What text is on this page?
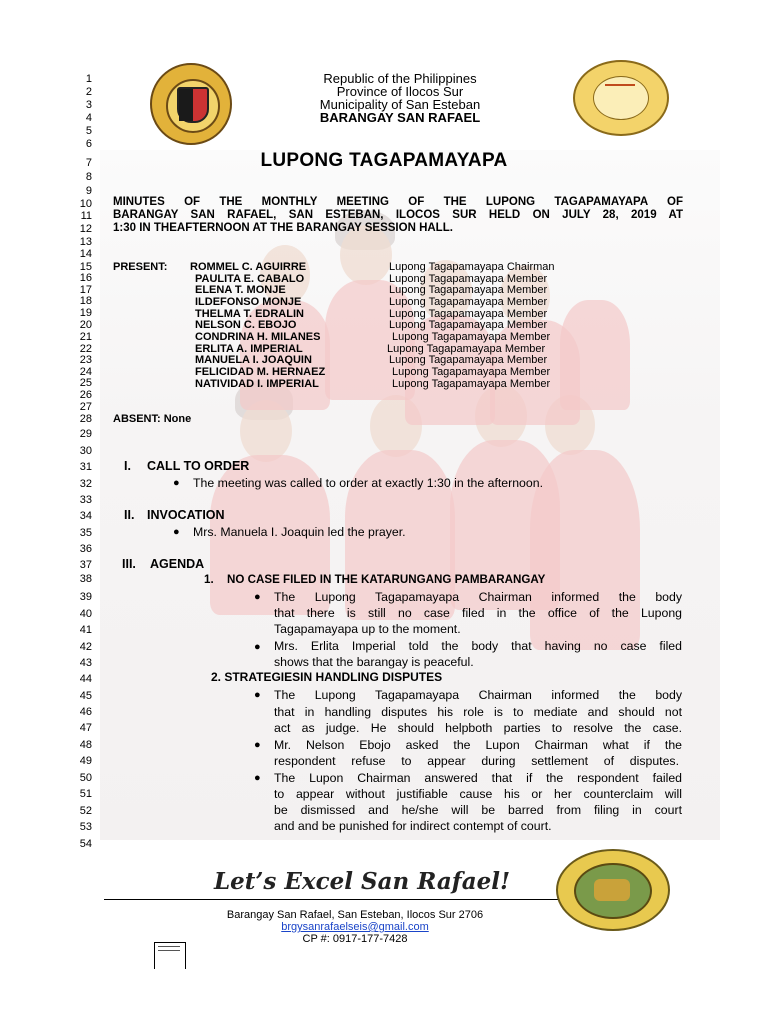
Republic of the Philippines
Province of Ilocos Sur
Municipality of San Esteban
BARANGAY SAN RAFAEL
LUPONG TAGAPAMAYAPA
1
2
3
4
5
6
7
8
9
10
11
12
13
14
15
16
17
18
19
20
21
22
23
24
25
26
27
28
29
30
31
32
33
34
35
36
37
38
39
40
41
42
43
44
45
46
47
48
49
50
51
52
53
54
MINUTES OF THE MONTHLY MEETING OF THE LUPONG TAGAPAMAYAPA OF
BARANGAY SAN RAFAEL, SAN ESTEBAN, ILOCOS SUR HELD ON JULY 28, 2019 AT
1:30 IN THEAFTERNOON AT THE BARANGAY SESSION HALL.
PRESENT: ROMMEL C. AGUIRRE	Lupong Tagapamayapa Chairman
PAULITA E. CABALO	Lupong Tagapamayapa Member
ELENA T. MONJE	Lupong Tagapamayapa Member
ILDEFONSO MONJE	Lupong Tagapamayapa Member
THELMA T. EDRALIN	Lupong Tagapamayapa Member
NELSON C. EBOJO	Lupong Tagapamayapa Member
CONDRINA H. MILANES	Lupong Tagapamayapa Member
ERLITA A. IMPERIAL	Lupong Tagapamayapa Member
MANUELA I. JOAQUIN	Lupong Tagapamayapa Member
FELICIDAD M. HERNAEZ	Lupong Tagapamayapa Member
NATIVIDAD I. IMPERIAL	Lupong Tagapamayapa Member
ABSENT: None
I. CALL TO ORDER
● The meeting was called to order at exactly 1:30 in the afternoon.
II. INVOCATION
● Mrs. Manuela I. Joaquin led the prayer.
III. AGENDA
1. NO CASE FILED IN THE KATARUNGANG PAMBARANGAY
● The Lupong Tagapamayapa Chairman informed the body
that there is still no case filed in the office of the Lupong
Tagapamayapa up to the moment.
● Mrs. Erlita Imperial told the body that having no case filed
shows that the barangay is peaceful.
2. STRATEGIESIN HANDLING DISPUTES
● The Lupong Tagapamayapa Chairman informed the body
that in handling disputes his role is to mediate and should not
act as judge. He should helpboth parties to resolve the case.
● Mr. Nelson Ebojo asked the Lupon Chairman what if the
respondent refuse to appear during settlement of disputes.
● The Lupon Chairman answered that if the respondent failed
to appear without justifiable cause his or her counterclaim will
be dismissed and he/she will be barred from filing in court
and and be punished for indirect contempt of court.
Let’s Excel San Rafael!
Barangay San Rafael, San Esteban, Ilocos Sur 2706
brgysanrafaelseis@gmail.com
CP #: 0917-177-7428
